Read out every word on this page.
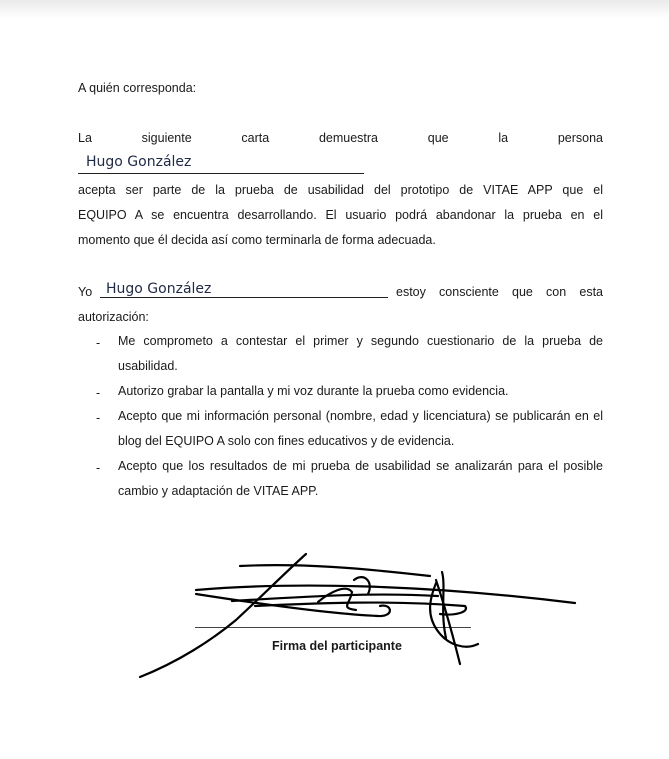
A quién corresponda:
La	siguiente	carta	demuestra	que	la	persona
Hugo González
acepta ser parte de la prueba de usabilidad del prototipo de VITAE APP que el
EQUIPO A se encuentra desarrollando. El usuario podrá abandonar la prueba en el
momento que él decida así como terminarla de forma adecuada.
Yo Hugo González	estoy consciente que con esta
autorización:
- Me comprometo a contestar el primer y segundo cuestionario de la prueba de usabilidad.
- Autorizo grabar la pantalla y mi voz durante la prueba como evidencia.
- Acepto que mi información personal (nombre, edad y licenciatura) se publicarán en el blog del EQUIPO A solo con fines educativos y de evidencia.
- Acepto que los resultados de mi prueba de usabilidad se analizarán para el posible cambio y adaptación de VITAE APP.
Firma del participante
